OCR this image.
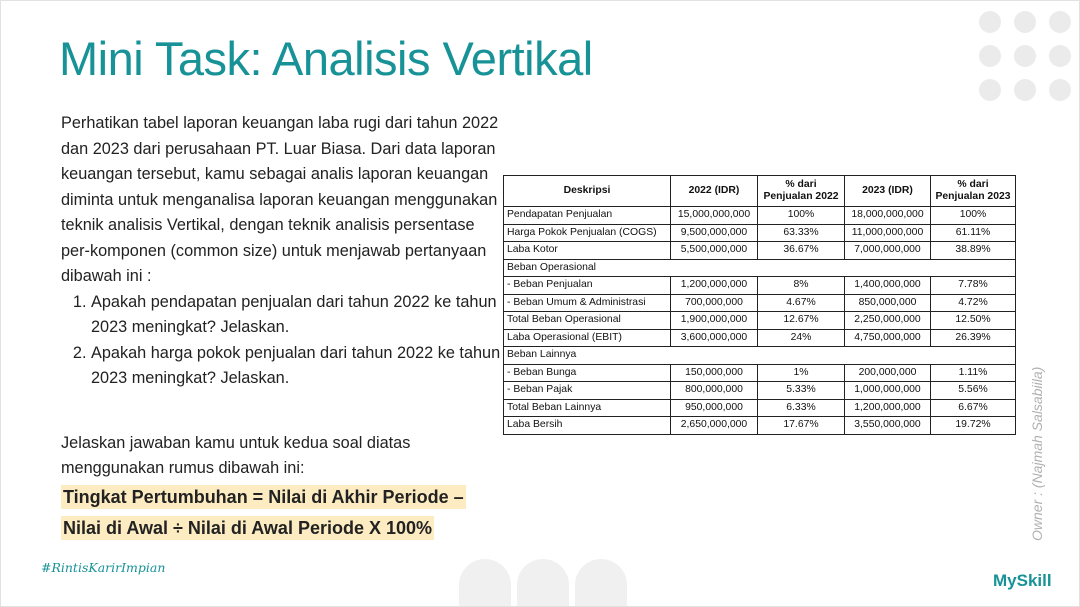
Mini Task: Analisis Vertikal

Perhatikan tabel laporan keuangan laba rugi dari tahun 2022 dan 2023 dari perusahaan PT. Luar Biasa. Dari data laporan keuangan tersebut, kamu sebagai analis laporan keuangan diminta untuk menganalisa laporan keuangan menggunakan teknik analisis Vertikal, dengan teknik analisis persentase per-komponen (common size) untuk menjawab pertanyaan dibawah ini :

1. Apakah pendapatan penjualan dari tahun 2022 ke tahun 2023 meningkat? Jelaskan.
2. Apakah harga pokok penjualan dari tahun 2022 ke tahun 2023 meningkat? Jelaskan.
Jelaskan jawaban kamu untuk kedua soal diatas menggunakan rumus dibawah ini:
Tingkat Pertumbuhan = Nilai di Akhir Periode – Nilai di Awal ÷ Nilai di Awal Periode X 100%
Deskripsi	2022 (IDR)	% dari Penjualan 2022	2023 (IDR)	% dari Penjualan 2023
Pendapatan Penjualan	15,000,000,000	100%	18,000,000,000	100%
Harga Pokok Penjualan (COGS)	9,500,000,000	63.33%	11,000,000,000	61.11%
Laba Kotor	5,500,000,000	36.67%	7,000,000,000	38.89%
Beban Operasional				
- Beban Penjualan	1,200,000,000	8%	1,400,000,000	7.78%
- Beban Umum & Administrasi	700,000,000	4.67%	850,000,000	4.72%
Total Beban Operasional	1,900,000,000	12.67%	2,250,000,000	12.50%
Laba Operasional (EBIT)	3,600,000,000	24%	4,750,000,000	26.39%
Beban Lainnya				
- Beban Bunga	150,000,000	1%	200,000,000	1.11%
- Beban Pajak	800,000,000	5.33%	1,000,000,000	5.56%
Total Beban Lainnya	950,000,000	6.33%	1,200,000,000	6.67%
Laba Bersih	2,650,000,000	17.67%	3,550,000,000	19.72%	Owner : (Najmah Salsabiila)
#RintisKarirImpian
MySkill
